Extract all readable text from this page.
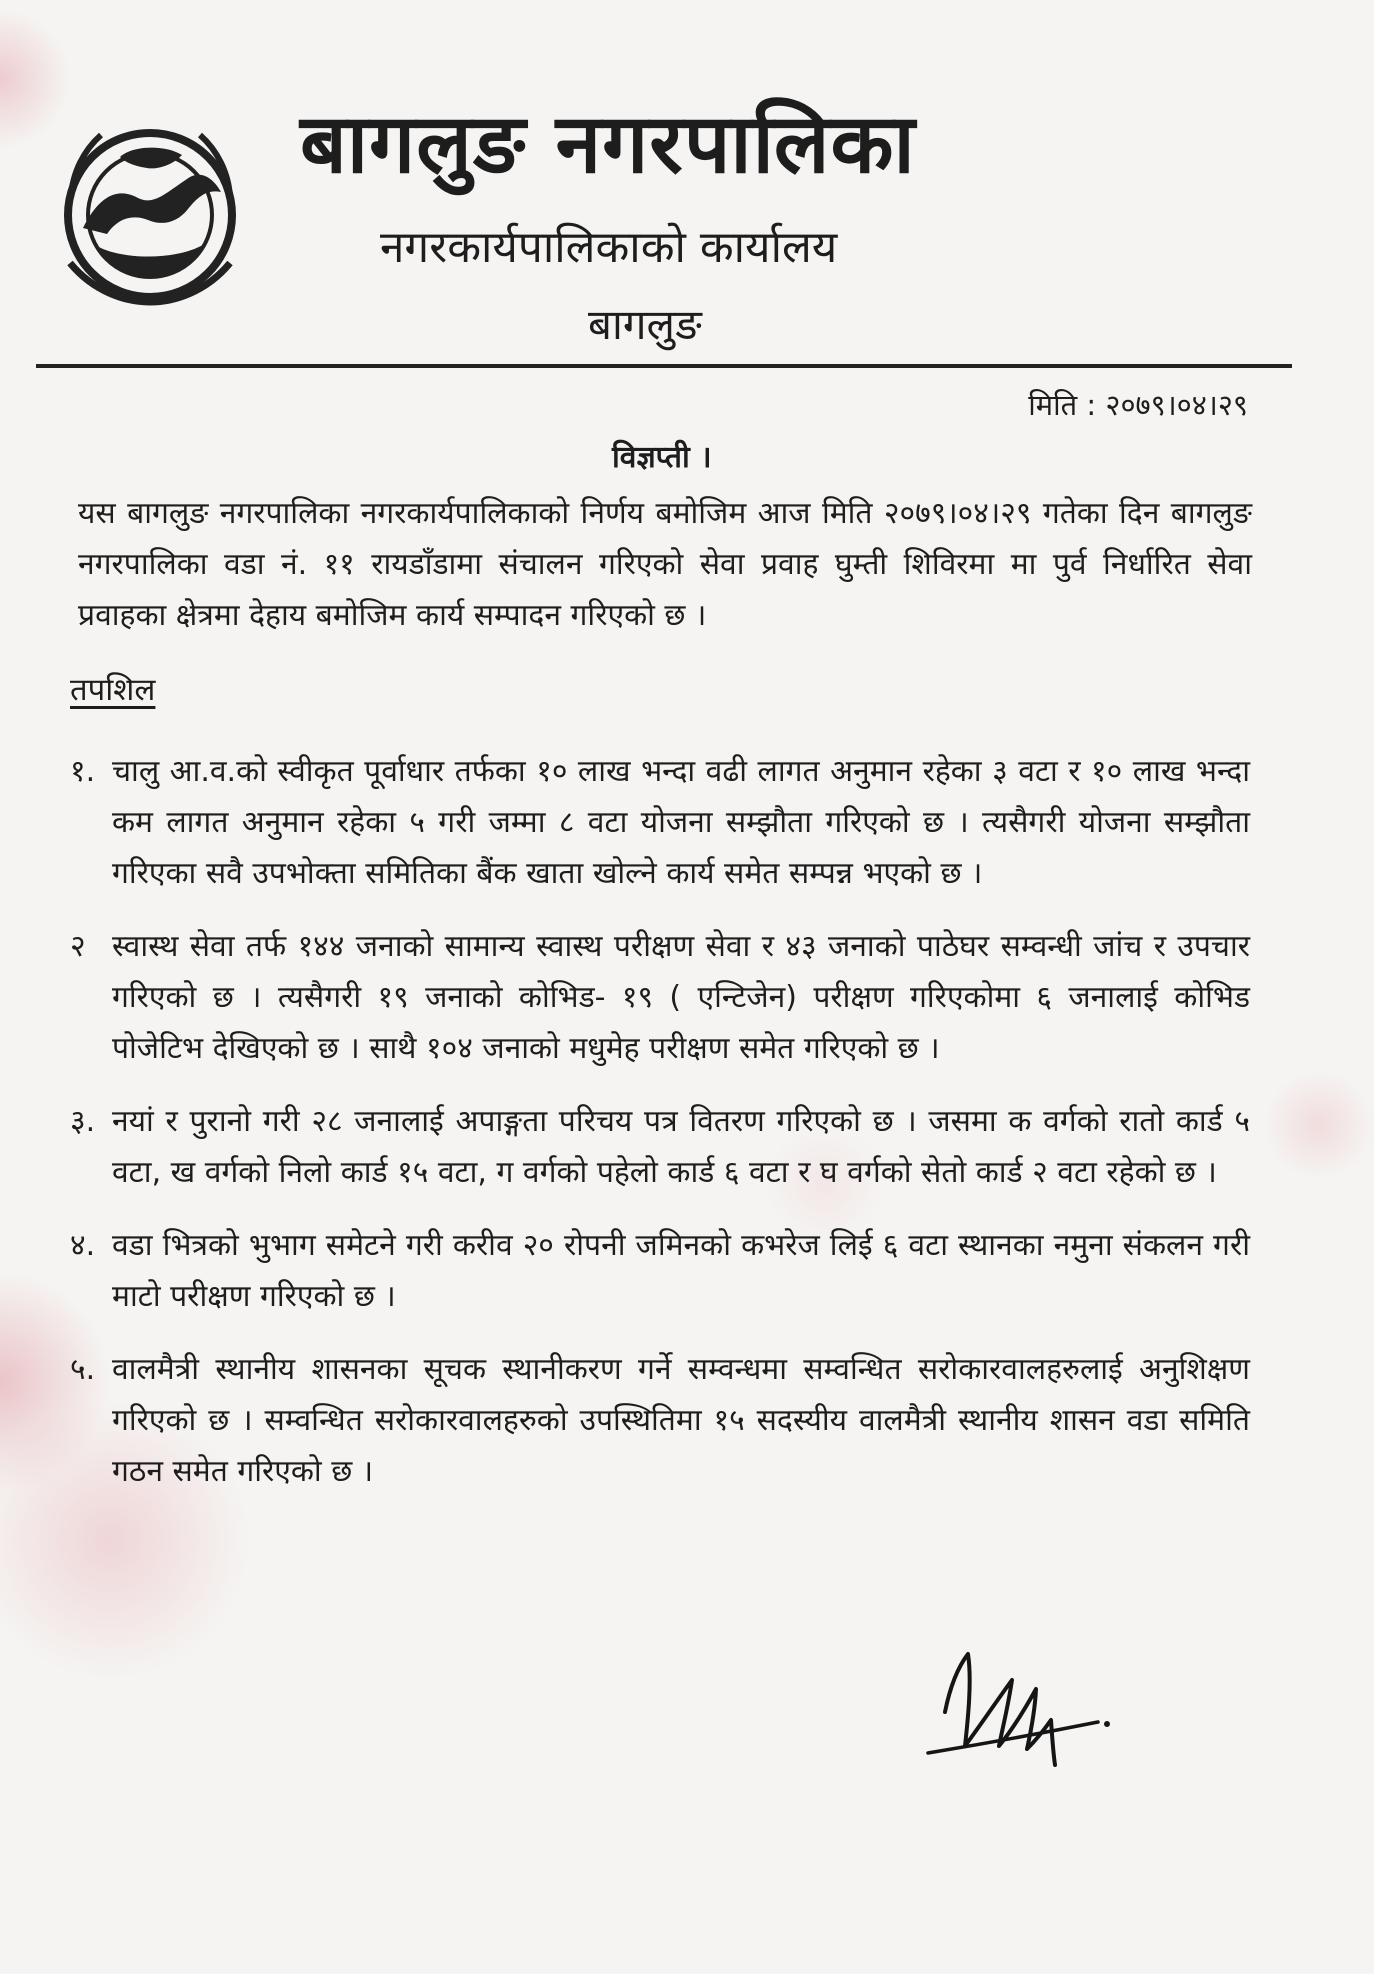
बागलुङ नगरपालिका
नगरकार्यपालिकाको कार्यालय
बागलुङ
मिति : २०७९।०४।२९
विज्ञप्ती ।
यस बागलुङ नगरपालिका नगरकार्यपालिकाको निर्णय बमोजिम आज मिति २०७९।०४।२९ गतेका दिन बागलुङ नगरपालिका वडा नं. ११ रायडाँडामा संचालन गरिएको सेवा प्रवाह घुम्ती शिविरमा मा पुर्व निर्धारित सेवा प्रवाहका क्षेत्रमा देहाय बमोजिम कार्य सम्पादन गरिएको छ ।
तपशिल
१. चालु आ.व.को स्वीकृत पूर्वाधार तर्फका १० लाख भन्दा वढी लागत अनुमान रहेका ३ वटा र १० लाख भन्दा कम लागत अनुमान रहेका ५ गरी जम्मा ८ वटा योजना सम्झौता गरिएको छ । त्यसैगरी योजना सम्झौता गरिएका सवै उपभोक्ता समितिका बैंक खाता खोल्ने कार्य समेत सम्पन्न भएको छ ।
२ स्वास्थ सेवा तर्फ १४४ जनाको सामान्य स्वास्थ परीक्षण सेवा र ४३ जनाको पाठेघर सम्वन्धी जांच र उपचार गरिएको छ । त्यसैगरी १९ जनाको कोभिड- १९ ( एन्टिजेन) परीक्षण गरिएकोमा ६ जनालाई कोभिड पोजेटिभ देखिएको छ । साथै १०४ जनाको मधुमेह परीक्षण समेत गरिएको छ ।
३. नयां र पुरानो गरी २८ जनालाई अपाङ्गता परिचय पत्र वितरण गरिएको छ । जसमा क वर्गको रातो कार्ड ५ वटा, ख वर्गको निलो कार्ड १५ वटा, ग वर्गको पहेलो कार्ड ६ वटा र घ वर्गको सेतो कार्ड २ वटा रहेको छ ।
४. वडा भित्रको भुभाग समेटने गरी करीव २० रोपनी जमिनको कभरेज लिई ६ वटा स्थानका नमुना संकलन गरी माटो परीक्षण गरिएको छ ।
५. वालमैत्री स्थानीय शासनका सूचक स्थानीकरण गर्ने सम्वन्धमा सम्वन्धित सरोकारवालहरुलाई अनुशिक्षण गरिएको छ । सम्वन्धित सरोकारवालहरुको उपस्थितिमा १५ सदस्यीय वालमैत्री स्थानीय शासन वडा समिति गठन समेत गरिएको छ ।
